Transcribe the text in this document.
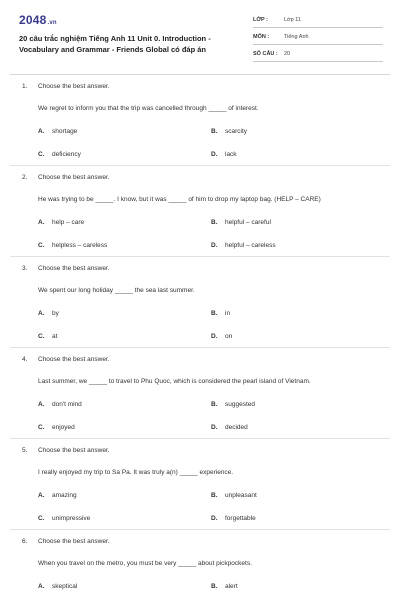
2048.vn
20 câu trắc nghiệm Tiếng Anh 11 Unit 0. Introduction - Vocabulary and Grammar - Friends Global có đáp án
LỚP :	Lớp 11
MÔN :	Tiếng Anh
SỐ CÂU : 20
1. Choose the best answer.
We regret to inform you that the trip was cancelled through _____ of interest.
A. shortage	B. scarcity
C. deficiency	D. lack
2. Choose the best answer.
He was trying to be _____. I know, but it was _____ of him to drop my laptop bag. (HELP – CARE)
A. help – care	B. helpful – careful
C. helpless – careless	D. helpful – careless
3. Choose the best answer.
We spent our long holiday _____ the sea last summer.
A. by	B. in
C. at	D. on
4. Choose the best answer.
Last summer, we _____ to travel to Phu Quoc, which is considered the pearl island of Vietnam.
A. don't mind	B. suggested
C. enjoyed	D. decided
5. Choose the best answer.
I really enjoyed my trip to Sa Pa. It was truly a(n) _____ experience.
A. amazing	B. unpleasant
C. unimpressive	D. forgettable
6. Choose the best answer.
When you travel on the metro, you must be very _____ about pickpockets.
A. skeptical	B. alert
